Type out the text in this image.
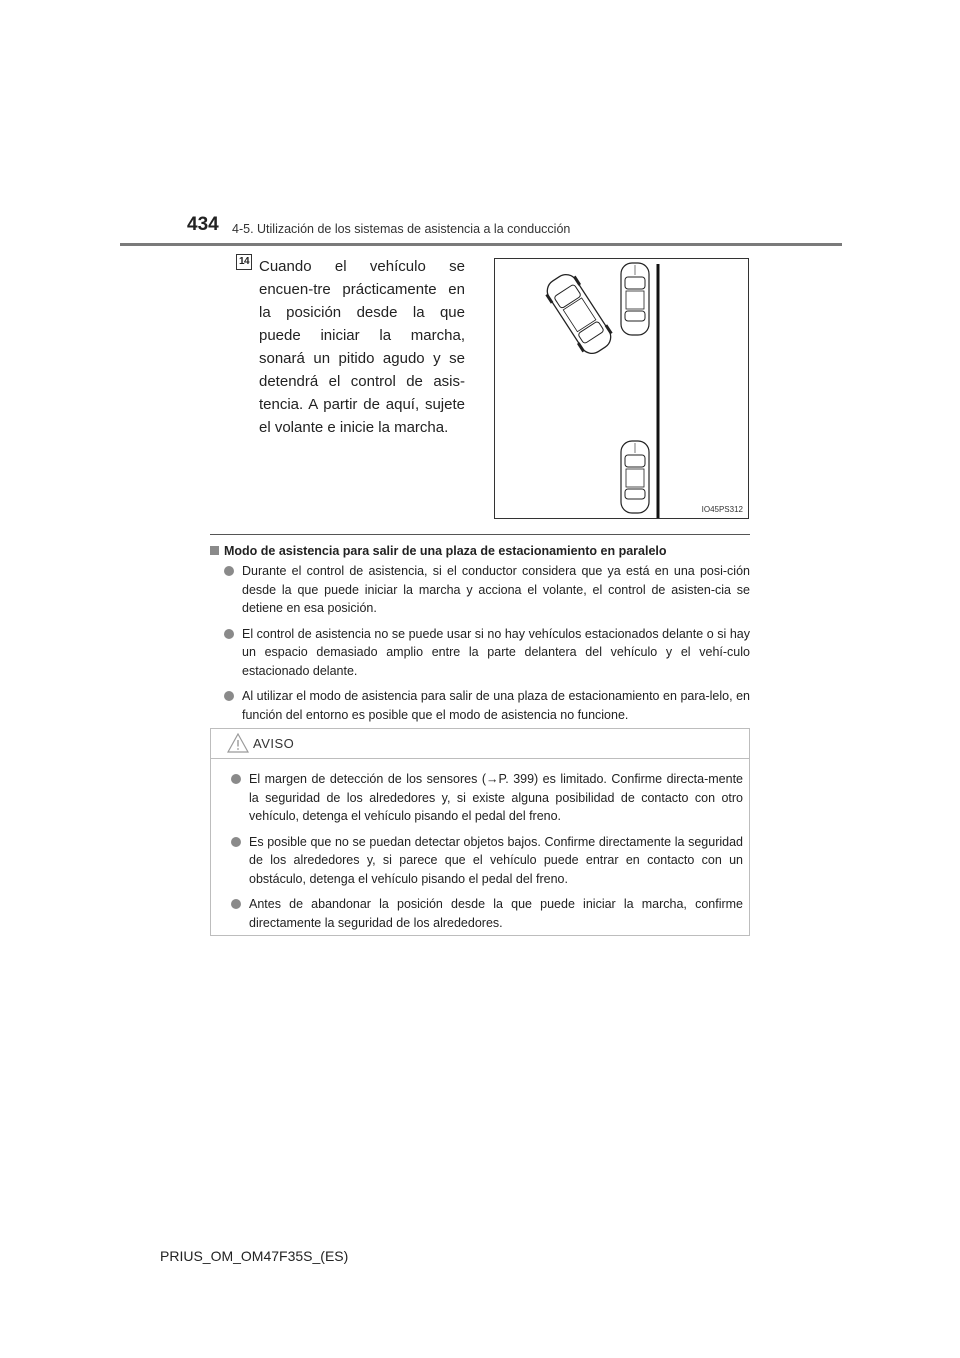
434 4-5. Utilización de los sistemas de asistencia a la conducción
14 Cuando el vehículo se encuen-tre prácticamente en la posición desde la que puede iniciar la marcha, sonará un pitido agudo y se detendrá el control de asis-tencia. A partir de aquí, sujete el volante e inicie la marcha.
IO45PS312
Modo de asistencia para salir de una plaza de estacionamiento en paralelo
Durante el control de asistencia, si el conductor considera que ya está en una posi-ción desde la que puede iniciar la marcha y acciona el volante, el control de asisten-cia se detiene en esa posición.
El control de asistencia no se puede usar si no hay vehículos estacionados delante o si hay un espacio demasiado amplio entre la parte delantera del vehículo y el vehí-culo estacionado delante.
Al utilizar el modo de asistencia para salir de una plaza de estacionamiento en para-lelo, en función del entorno es posible que el modo de asistencia no funcione.
AVISO
El margen de detección de los sensores (→P. 399) es limitado. Confirme directa-mente la seguridad de los alrededores y, si existe alguna posibilidad de contacto con otro vehículo, detenga el vehículo pisando el pedal del freno.
Es posible que no se puedan detectar objetos bajos. Confirme directamente la seguridad de los alrededores y, si parece que el vehículo puede entrar en contacto con un obstáculo, detenga el vehículo pisando el pedal del freno.
Antes de abandonar la posición desde la que puede iniciar la marcha, confirme directamente la seguridad de los alrededores.
PRIUS_OM_OM47F35S_(ES)
